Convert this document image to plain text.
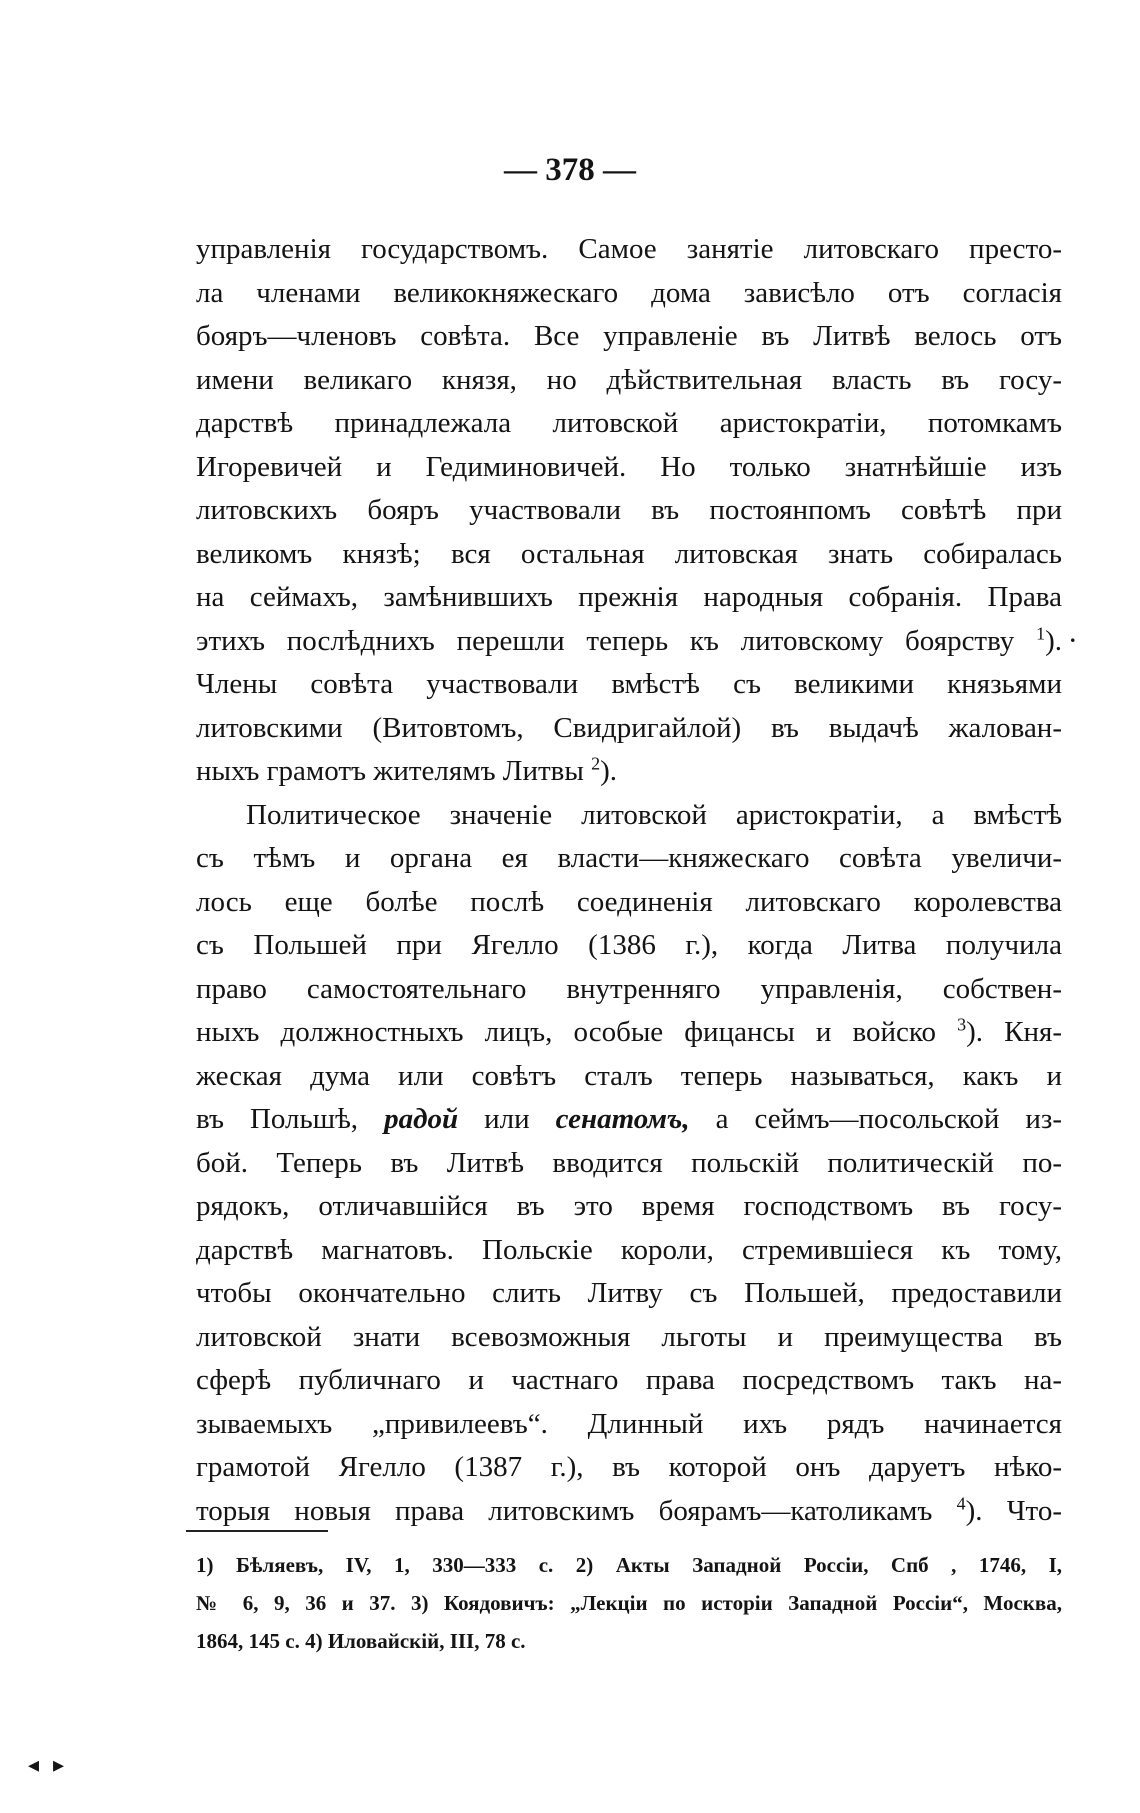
— 378 —
управленія государствомъ. Самое занятіе литовскаго престо-
ла членами великокняжескаго дома зависѣло отъ согласія
бояръ—членовъ совѣта. Все управленіе въ Литвѣ велось отъ
имени великаго князя, но дѣйствительная власть въ госу-
дарствѣ принадлежала литовской аристократіи, потомкамъ
Игоревичей и Гедиминовичей. Но только знатнѣйшіе изъ
литовскихъ бояръ участвовали въ постоянпомъ совѣтѣ при
великомъ князѣ; вся остальная литовская знать собиралась
на сеймахъ, замѣнившихъ прежнія народныя собранія. Права
этихъ послѣднихъ перешли теперь къ литовскому боярству $^1$).
Члены совѣта участвовали вмѣстѣ съ великими князьями
литовскими (Витовтомъ, Свидригайлой) въ выдачѣ жалован-
ныхъ грамотъ жителямъ Литвы $^2$).
Политическое значеніе литовской аристократіи, а вмѣстѣ
съ тѣмъ и органа ея власти—княжескаго совѣта увеличи-
лось еще болѣе послѣ соединенія литовскаго королевства
съ Польшей при Ягелло (1386 г.), когда Литва получила
право самостоятельнаго внутренняго управленія, собствен-
ныхъ должностныхъ лицъ, особые фицансы и войско $^3$). Кня-
жеская дума или совѣтъ сталъ теперь называться, какъ и
въ Польшѣ, радой или сенатомъ, а сеймъ—посольской из-
бой. Теперь въ Литвѣ вводится польскій политическій по-
рядокъ, отличавшійся въ это время господствомъ въ госу-
дарствѣ магнатовъ. Польскіе короли, стремившіеся къ тому,
чтобы окончательно слить Литву съ Польшей, предоставили
литовской знати всевозможныя льготы и преимущества въ
сферѣ публичнаго и частнаго права посредствомъ такъ на-
зываемыхъ „привилеевъ“. Длинный ихъ рядъ начинается
грамотой Ягелло (1387 г.), въ которой онъ даруетъ нѣко-
торыя новыя права литовскимъ боярамъ—католикамъ $^4$). Что-
.
1) Бѣляевъ, IV, 1, 330—333 с. 2) Акты Западной Россіи, Спб , 1746, I,
№ 6, 9, 36 и 37. 3) Коядовичъ: „Лекціи по исторіи Западной Россіи“, Москва,
1864, 145 с. 4) Иловайскій, III, 78 с.
◂▸
